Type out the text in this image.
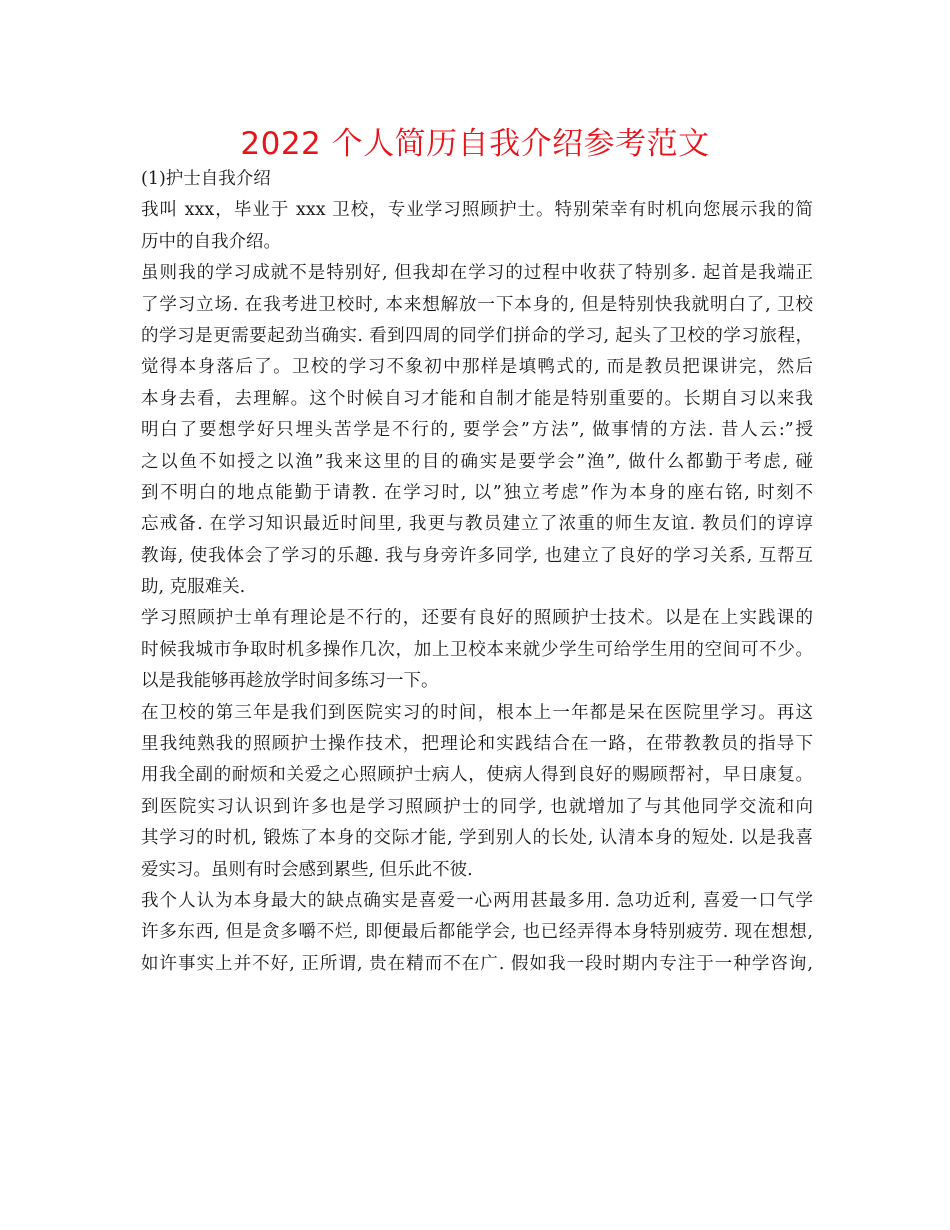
2022 个人简历自我介绍参考范文
(1)护士自我介绍
我叫 xxx，毕业于 xxx 卫校，专业学习照顾护士。特别荣幸有时机向您展示我的简
历中的自我介绍。
虽则我的学习成就不是特别好, 但我却在学习的过程中收获了特别多. 起首是我端正
了学习立场. 在我考进卫校时, 本来想解放一下本身的, 但是特别快我就明白了, 卫校
的学习是更需要起劲当确实. 看到四周的同学们拼命的学习, 起头了卫校的学习旅程，
觉得本身落后了。卫校的学习不象初中那样是填鸭式的, 而是教员把课讲完，然后
本身去看，去理解。这个时候自习才能和自制才能是特别重要的。长期自习以来我
明白了要想学好只埋头苦学是不行的, 要学会”方法”, 做事情的方法. 昔人云:”授
之以鱼不如授之以渔”我来这里的目的确实是要学会”渔”, 做什么都勤于考虑, 碰
到不明白的地点能勤于请教. 在学习时, 以”独立考虑”作为本身的座右铭, 时刻不
忘戒备. 在学习知识最近时间里, 我更与教员建立了浓重的师生友谊. 教员们的谆谆
教诲, 使我体会了学习的乐趣. 我与身旁许多同学, 也建立了良好的学习关系, 互帮互
助, 克服难关.
学习照顾护士单有理论是不行的，还要有良好的照顾护士技术。以是在上实践课的
时候我城市争取时机多操作几次，加上卫校本来就少学生可给学生用的空间可不少。
以是我能够再趁放学时间多练习一下。
在卫校的第三年是我们到医院实习的时间，根本上一年都是呆在医院里学习。再这
里我纯熟我的照顾护士操作技术，把理论和实践结合在一路，在带教教员的指导下
用我全副的耐烦和关爱之心照顾护士病人，使病人得到良好的赐顾帮衬，早日康复。
到医院实习认识到许多也是学习照顾护士的同学, 也就增加了与其他同学交流和向
其学习的时机, 锻炼了本身的交际才能, 学到别人的长处, 认清本身的短处. 以是我喜
爱实习。虽则有时会感到累些, 但乐此不彼.
我个人认为本身最大的缺点确实是喜爱一心两用甚最多用. 急功近利, 喜爱一口气学
许多东西, 但是贪多嚼不烂, 即便最后都能学会, 也已经弄得本身特别疲劳. 现在想想,
如许事实上并不好, 正所谓, 贵在精而不在广. 假如我一段时期内专注于一种学咨询,
